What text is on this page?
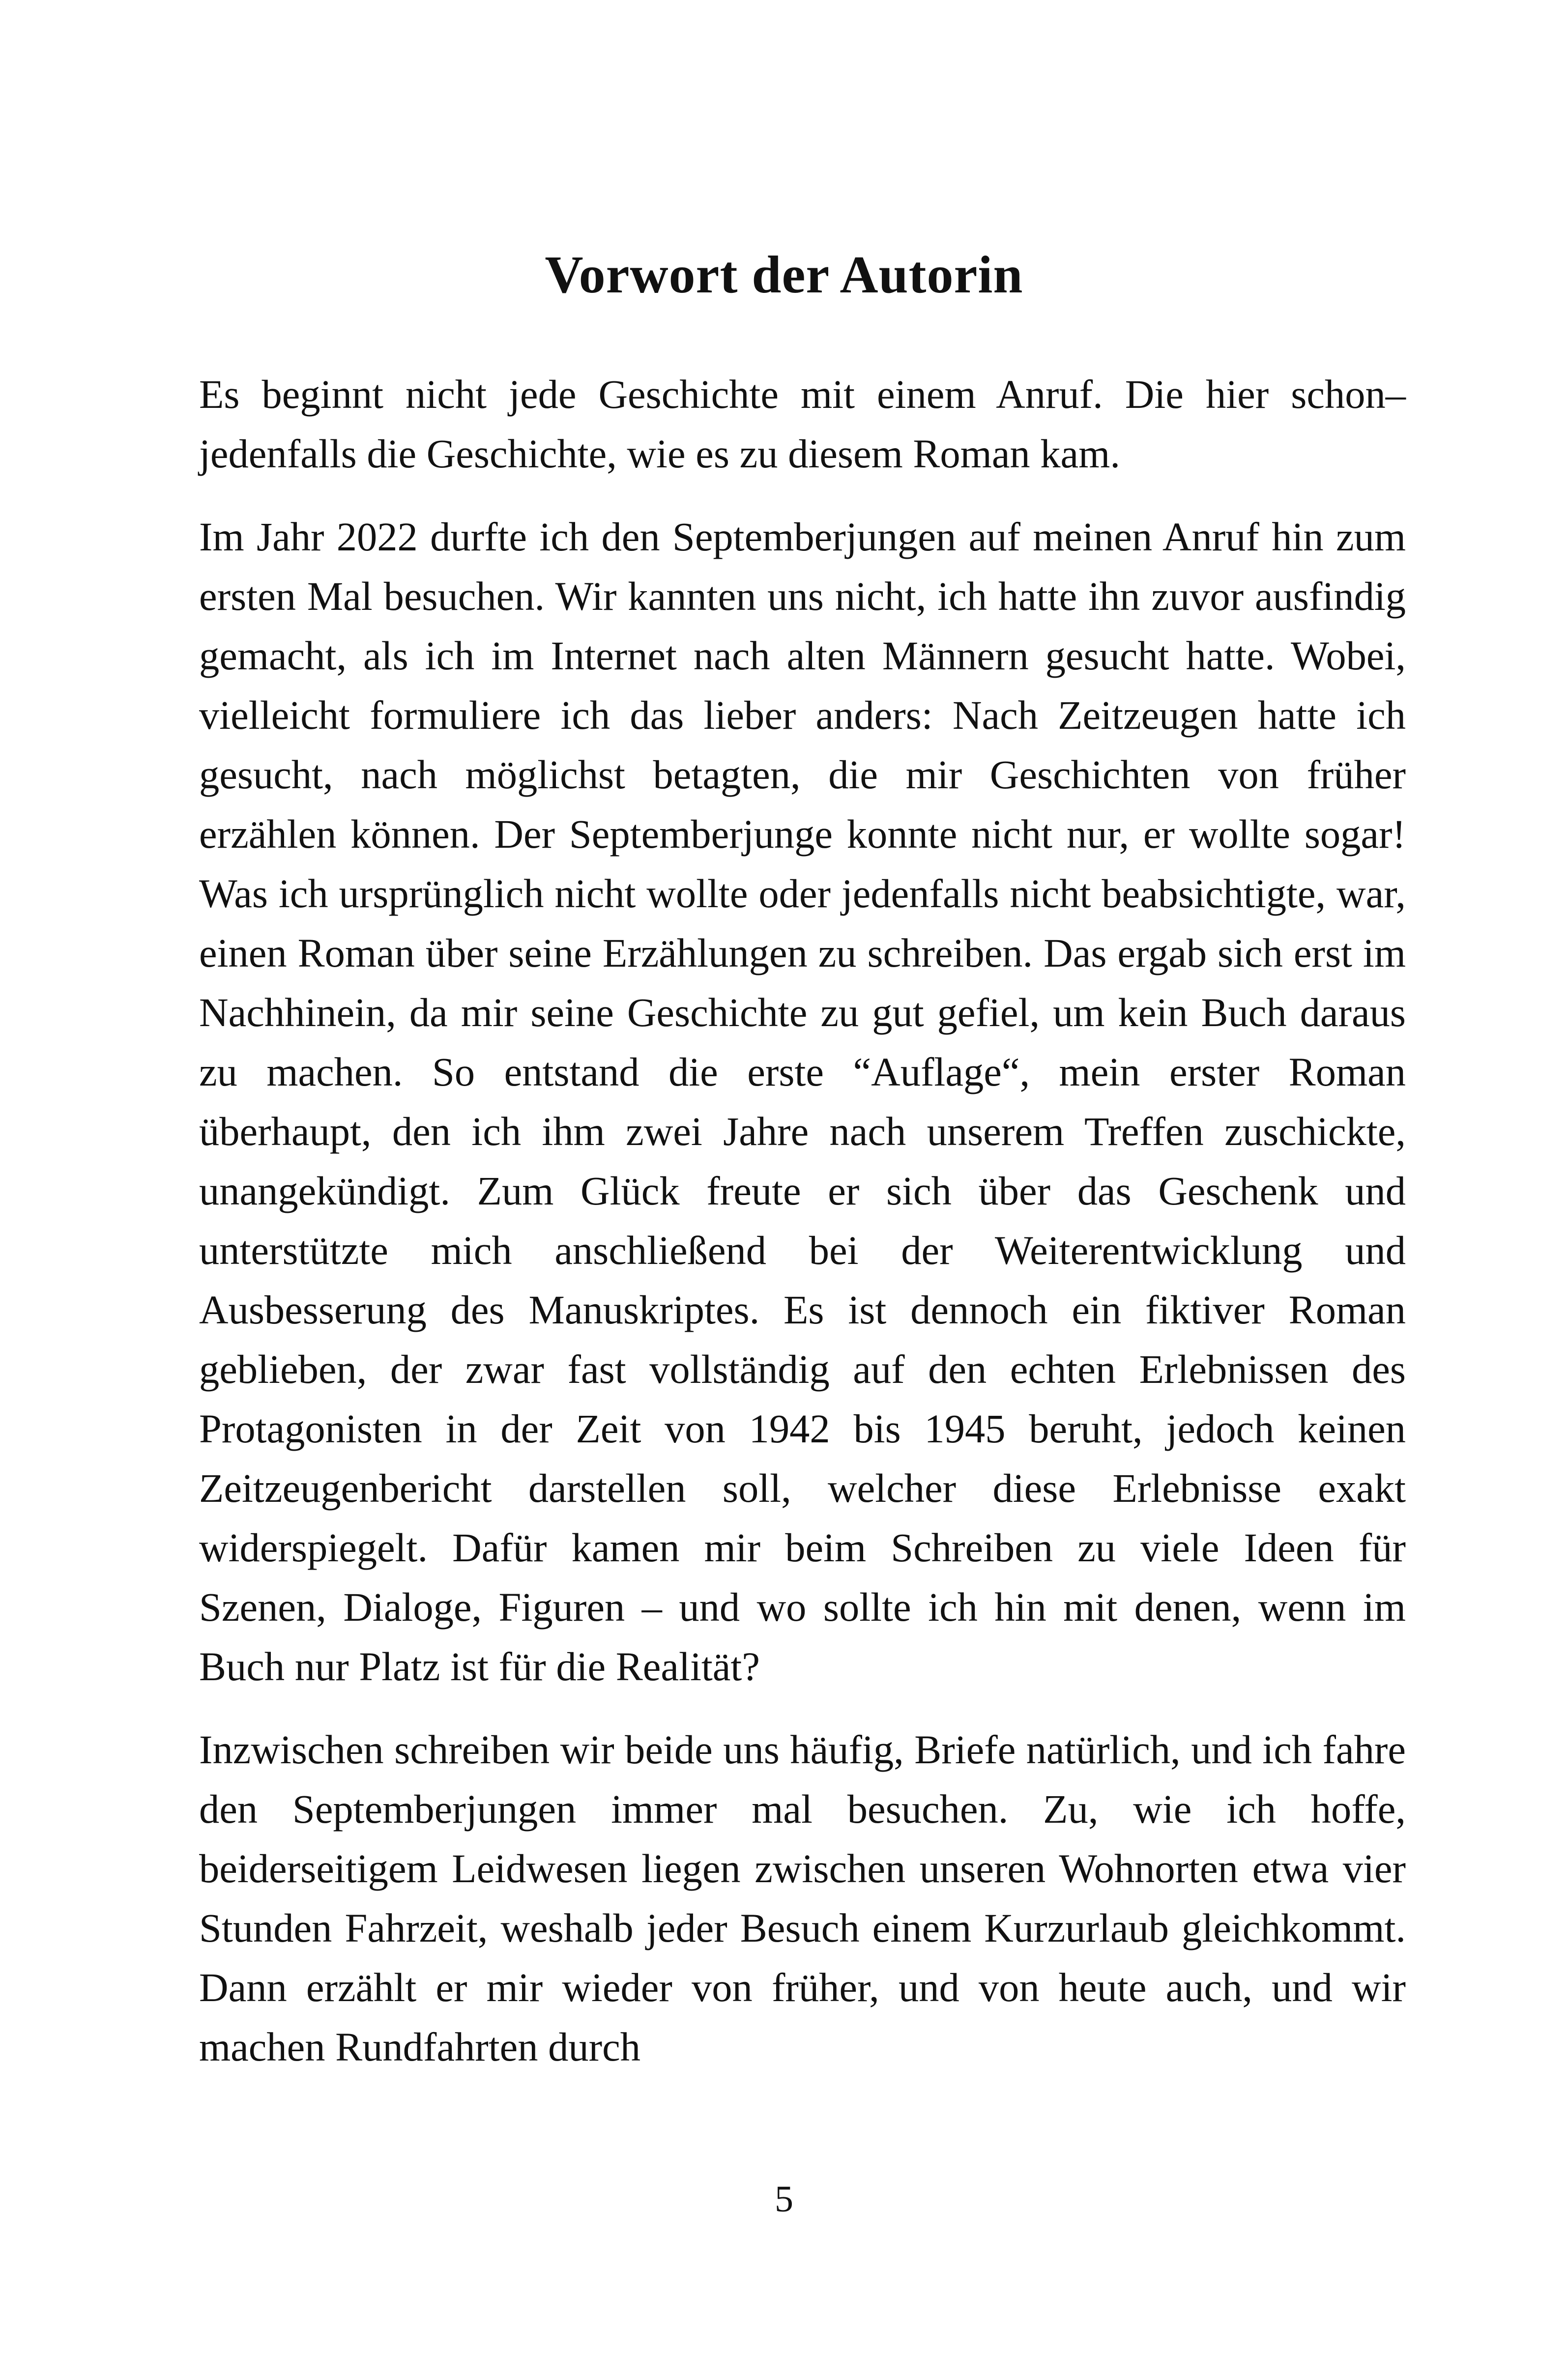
Vorwort der Autorin

Es beginnt nicht jede Geschichte mit einem Anruf. Die hier schon– jedenfalls die Geschichte, wie es zu diesem Roman kam.

Im Jahr 2022 durfte ich den Septemberjungen auf meinen Anruf hin zum ersten Mal besuchen. Wir kannten uns nicht, ich hatte ihn zuvor ausfindig gemacht, als ich im Internet nach alten Männern gesucht hatte. Wobei, vielleicht formuliere ich das lieber anders: Nach Zeitzeugen hatte ich gesucht, nach möglichst betagten, die mir Geschichten von früher erzählen können. Der Septemberjunge konnte nicht nur, er wollte sogar! Was ich ursprünglich nicht wollte oder jedenfalls nicht beabsichtigte, war, einen Roman über seine Erzählungen zu schreiben. Das ergab sich erst im Nachhinein, da mir seine Geschichte zu gut gefiel, um kein Buch daraus zu machen. So entstand die erste “Auflage“, mein erster Roman überhaupt, den ich ihm zwei Jahre nach unserem Treffen zuschickte, unangekündigt. Zum Glück freute er sich über das Geschenk und unterstützte mich anschließend bei der Weiterentwicklung und Ausbesserung des Manuskriptes. Es ist dennoch ein fiktiver Roman geblieben, der zwar fast vollständig auf den echten Erlebnissen des Protagonisten in der Zeit von 1942 bis 1945 beruht, jedoch keinen Zeitzeugenbericht darstellen soll, welcher diese Erlebnisse exakt widerspiegelt. Dafür kamen mir beim Schreiben zu viele Ideen für Szenen, Dialoge, Figuren – und wo sollte ich hin mit denen, wenn im Buch nur Platz ist für die Realität?

Inzwischen schreiben wir beide uns häufig, Briefe natürlich, und ich fahre den Septemberjungen immer mal besuchen. Zu, wie ich hoffe, beiderseitigem Leidwesen liegen zwischen unseren Wohnorten etwa vier Stunden Fahrzeit, weshalb jeder Besuch einem Kurzurlaub gleichkommt. Dann erzählt er mir wieder von früher, und von heute auch, und wir machen Rundfahrten durch

5
